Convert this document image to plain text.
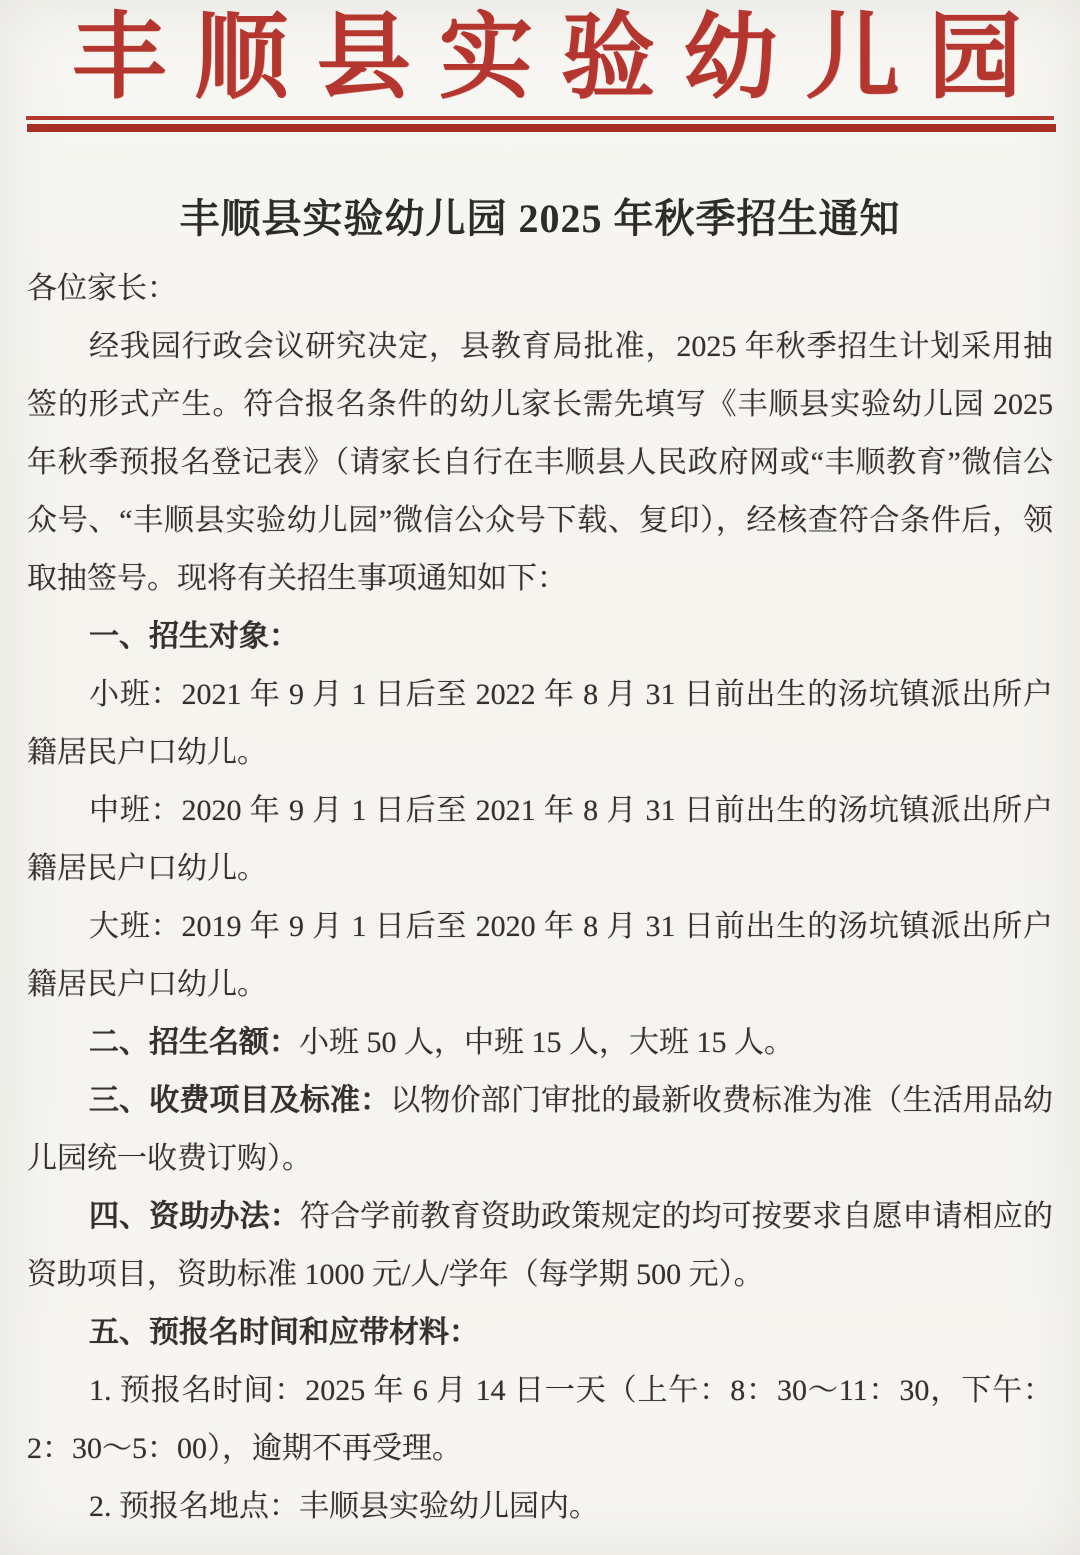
丰 顺 县 实 验 幼 儿 园
丰顺县实验幼儿园 2025 年秋季招生通知

各位家长：

经我园行政会议研究决定，县教育局批准，2025 年秋季招生计划采用抽签的形式产生。符合报名条件的幼儿家长需先填写《丰顺县实验幼儿园 2025 年秋季预报名登记表》（请家长自行在丰顺县人民政府网或“丰顺教育”微信公众号、“丰顺县实验幼儿园”微信公众号下载、复印），经核查符合条件后，领取抽签号。现将有关招生事项通知如下：

一、招生对象：

小班：2021 年 9 月 1 日后至 2022 年 8 月 31 日前出生的汤坑镇派出所户籍居民户口幼儿。

中班：2020 年 9 月 1 日后至 2021 年 8 月 31 日前出生的汤坑镇派出所户籍居民户口幼儿。

大班：2019 年 9 月 1 日后至 2020 年 8 月 31 日前出生的汤坑镇派出所户籍居民户口幼儿。

二、招生名额：小班 50 人，中班 15 人，大班 15 人。

三、收费项目及标准：以物价部门审批的最新收费标准为准（生活用品幼儿园统一收费订购）。

四、资助办法：符合学前教育资助政策规定的均可按要求自愿申请相应的资助项目，资助标准 1000 元/人/学年（每学期 500 元）。

五、预报名时间和应带材料：

1. 预报名时间：2025 年 6 月 14 日一天（上午：8：30～11：30，下午：2：30～5：00），逾期不再受理。

2. 预报名地点：丰顺县实验幼儿园内。
